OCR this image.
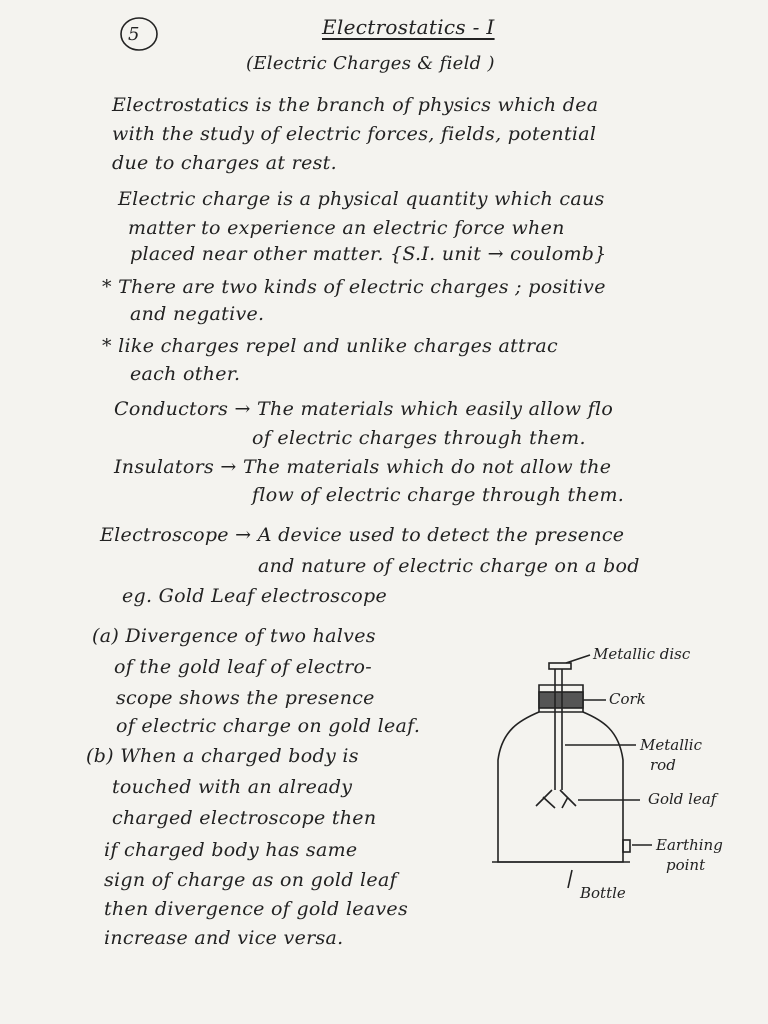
5	Electrostatics - I
(Electric Charges & field )
Electrostatics is the branch of physics which dea
with the study of electric forces, fields, potential
due to charges at rest.
Electric charge is a physical quantity which caus
matter to experience an electric force when
placed near other matter. {S.I. unit → coulomb}
* There are two kinds of electric charges ; positive
and negative.
* like charges repel and unlike charges attrac
each other.
Conductors → The materials which easily allow flo
of electric charges through them.
Insulators → The materials which do not allow the
flow of electric charge through them.
Electroscope → A device used to detect the presence
and nature of electric charge on a bod
eg. Gold Leaf electroscope
(a) Divergence of two halves
of the gold leaf of electro-
scope shows the presence
of electric charge on gold leaf.
(b) When a charged body is
touched with an already
charged electroscope then
if charged body has same
sign of charge as on gold leaf
then divergence of gold leaves
increase and vice versa.
Metallic disc
Cork
Metallic
rod
Gold leaf
Earthing
point
Bottle
